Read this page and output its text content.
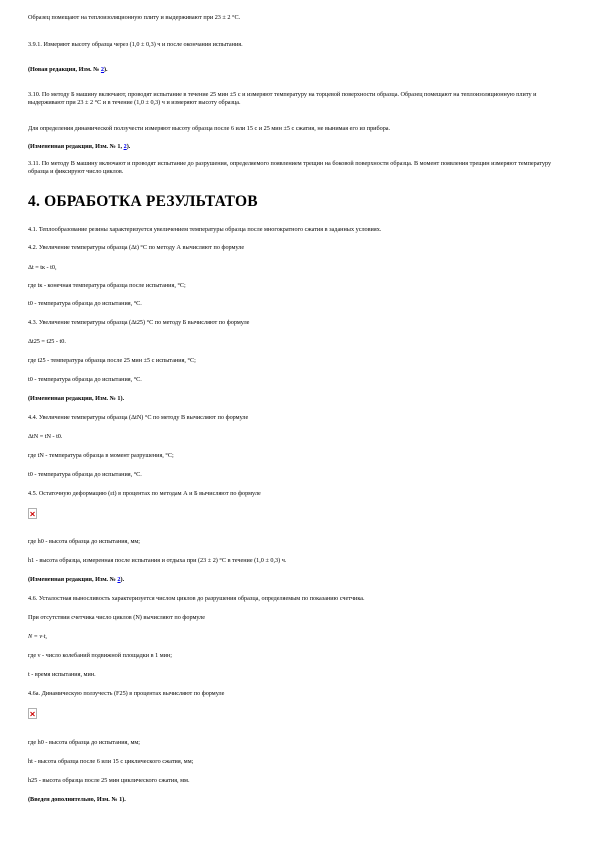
Образец помещают на теплоизоляционную плиту и выдерживают при 23 ± 2 °С.

3.9.1. Измеряют высоту образца через (1,0 ± 0,3) ч и после окончания испытания.

(Новая редакция, Изм. № 2).

3.10. По методу Б машину включают, проводят испытание в течение 25 мин ±5 с и измеряют температуру на торцевой поверхности образца. Образец помещают на теплоизоляционную плиту и выдерживают при 23 ± 2 °С и в течение (1,0 ± 0,3) ч и измеряют высоту образца.

Для определения динамической ползучести измеряют высоту образца после 6 или 15 с и 25 мин ±5 с сжатия, не вынимая его из прибора.

(Измененная редакция, Изм. № 1, 2).

3.11. По методу В машину включают и проводят испытание до разрушения, определяемого появлением трещин на боковой поверхности образца. В момент появления трещин измеряют температуру образца и фиксируют число циклов.

4. ОБРАБОТКА РЕЗУЛЬТАТОВ

4.1. Теплообразование резины характеризуется увеличением температуры образца после многократного сжатия в заданных условиях.

4.2. Увеличение температуры образца (Δt) °С по методу А вычисляют по формуле

Δt = tк - t0,

где tк - конечная температура образца после испытания, °С;

t0 - температура образца до испытания, °С.

4.3. Увеличение температуры образца (Δt25) °С по методу Б вычисляют по формуле

Δt25 = t25 - t0.

где t25 - температура образца после 25 мин ±5 с испытания, °С;

t0 - температура образца до испытания, °С.

(Измененная редакция, Изм. № 1).

4.4. Увеличение температуры образца (ΔtN) °С по методу В вычисляют по формуле

ΔtN = tN - t0.

где tN - температура образца в момент разрушения, °С;

t0 - температура образца до испытания, °С.

4.5. Остаточную деформацию (εt) в процентах по методам А и Б вычисляют по формуле

где h0 - высота образца до испытания, мм;

h1 - высота образца, измеренная после испытания и отдыха при (23 ± 2) °С в течение (1,0 ± 0,3) ч.

(Измененная редакция, Изм. № 2).

4.6. Усталостная выносливость характеризуется числом циклов до разрушения образца, определяемым по показанию счетчика.

При отсутствии счетчика число циклов (N) вычисляют по формуле

N = ν·t,

где ν - число колебаний подвижной площадки в 1 мин;

t - время испытания, мин.

4.6а. Динамическую ползучесть (F25) в процентах вычисляют по формуле

где h0 - высота образца до испытания, мм;

ht - высота образца после 6 или 15 с циклического сжатия, мм;

h25 - высота образца после 25 мин циклического сжатия, мм.

(Введен дополнительно, Изм. № 1).
